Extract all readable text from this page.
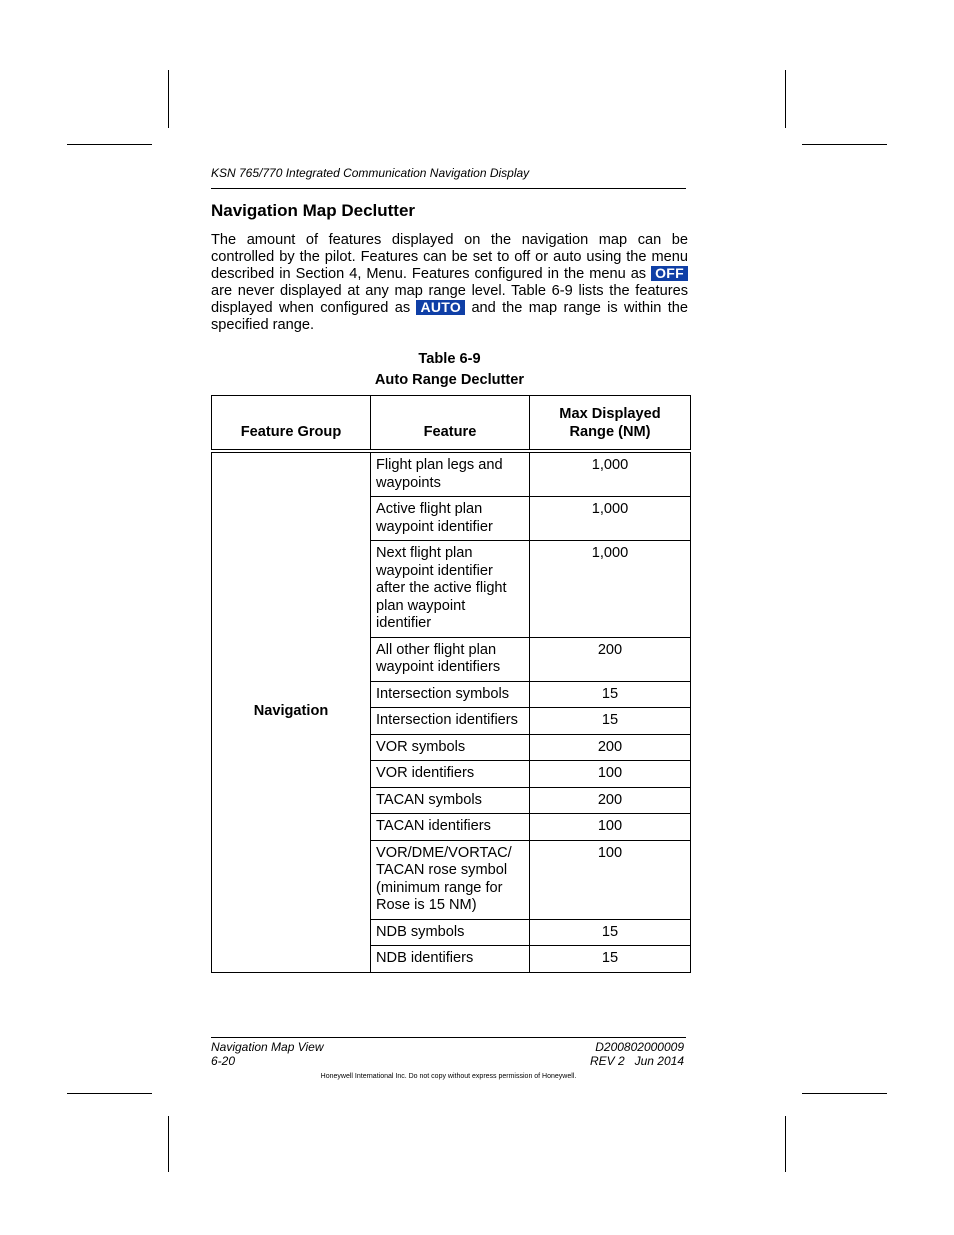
KSN 765/770 Integrated Communication Navigation Display
Navigation Map Declutter

The amount of features displayed on the navigation map can be controlled by the pilot. Features can be set to off or auto using the menu described in Section 4, Menu. Features configured in the menu as OFF are never displayed at any map range level. Table 6-9 lists the features displayed when configured as AUTO and the map range is within the specified range.

Table 6-9
Auto Range Declutter
Feature Group	Feature	Max Displayed Range (NM)
Navigation	Flight plan legs and waypoints	1,000
	Active flight plan waypoint identifier	1,000
	Next flight plan waypoint identifier after the active flight plan waypoint identifier	1,000
	All other flight plan waypoint identifiers	200
	Intersection symbols	15
	Intersection identifiers	15
	VOR symbols	200
	VOR identifiers	100
	TACAN symbols	200
	TACAN identifiers	100
	VOR/DME/VORTAC/ TACAN rose symbol (minimum range for Rose is 15 NM)	100
	NDB symbols	15
	NDB identifiers	15
Navigation Map View
6-20
D200802000009
REV 2   Jun 2014
Honeywell International Inc. Do not copy without express permission of Honeywell.
